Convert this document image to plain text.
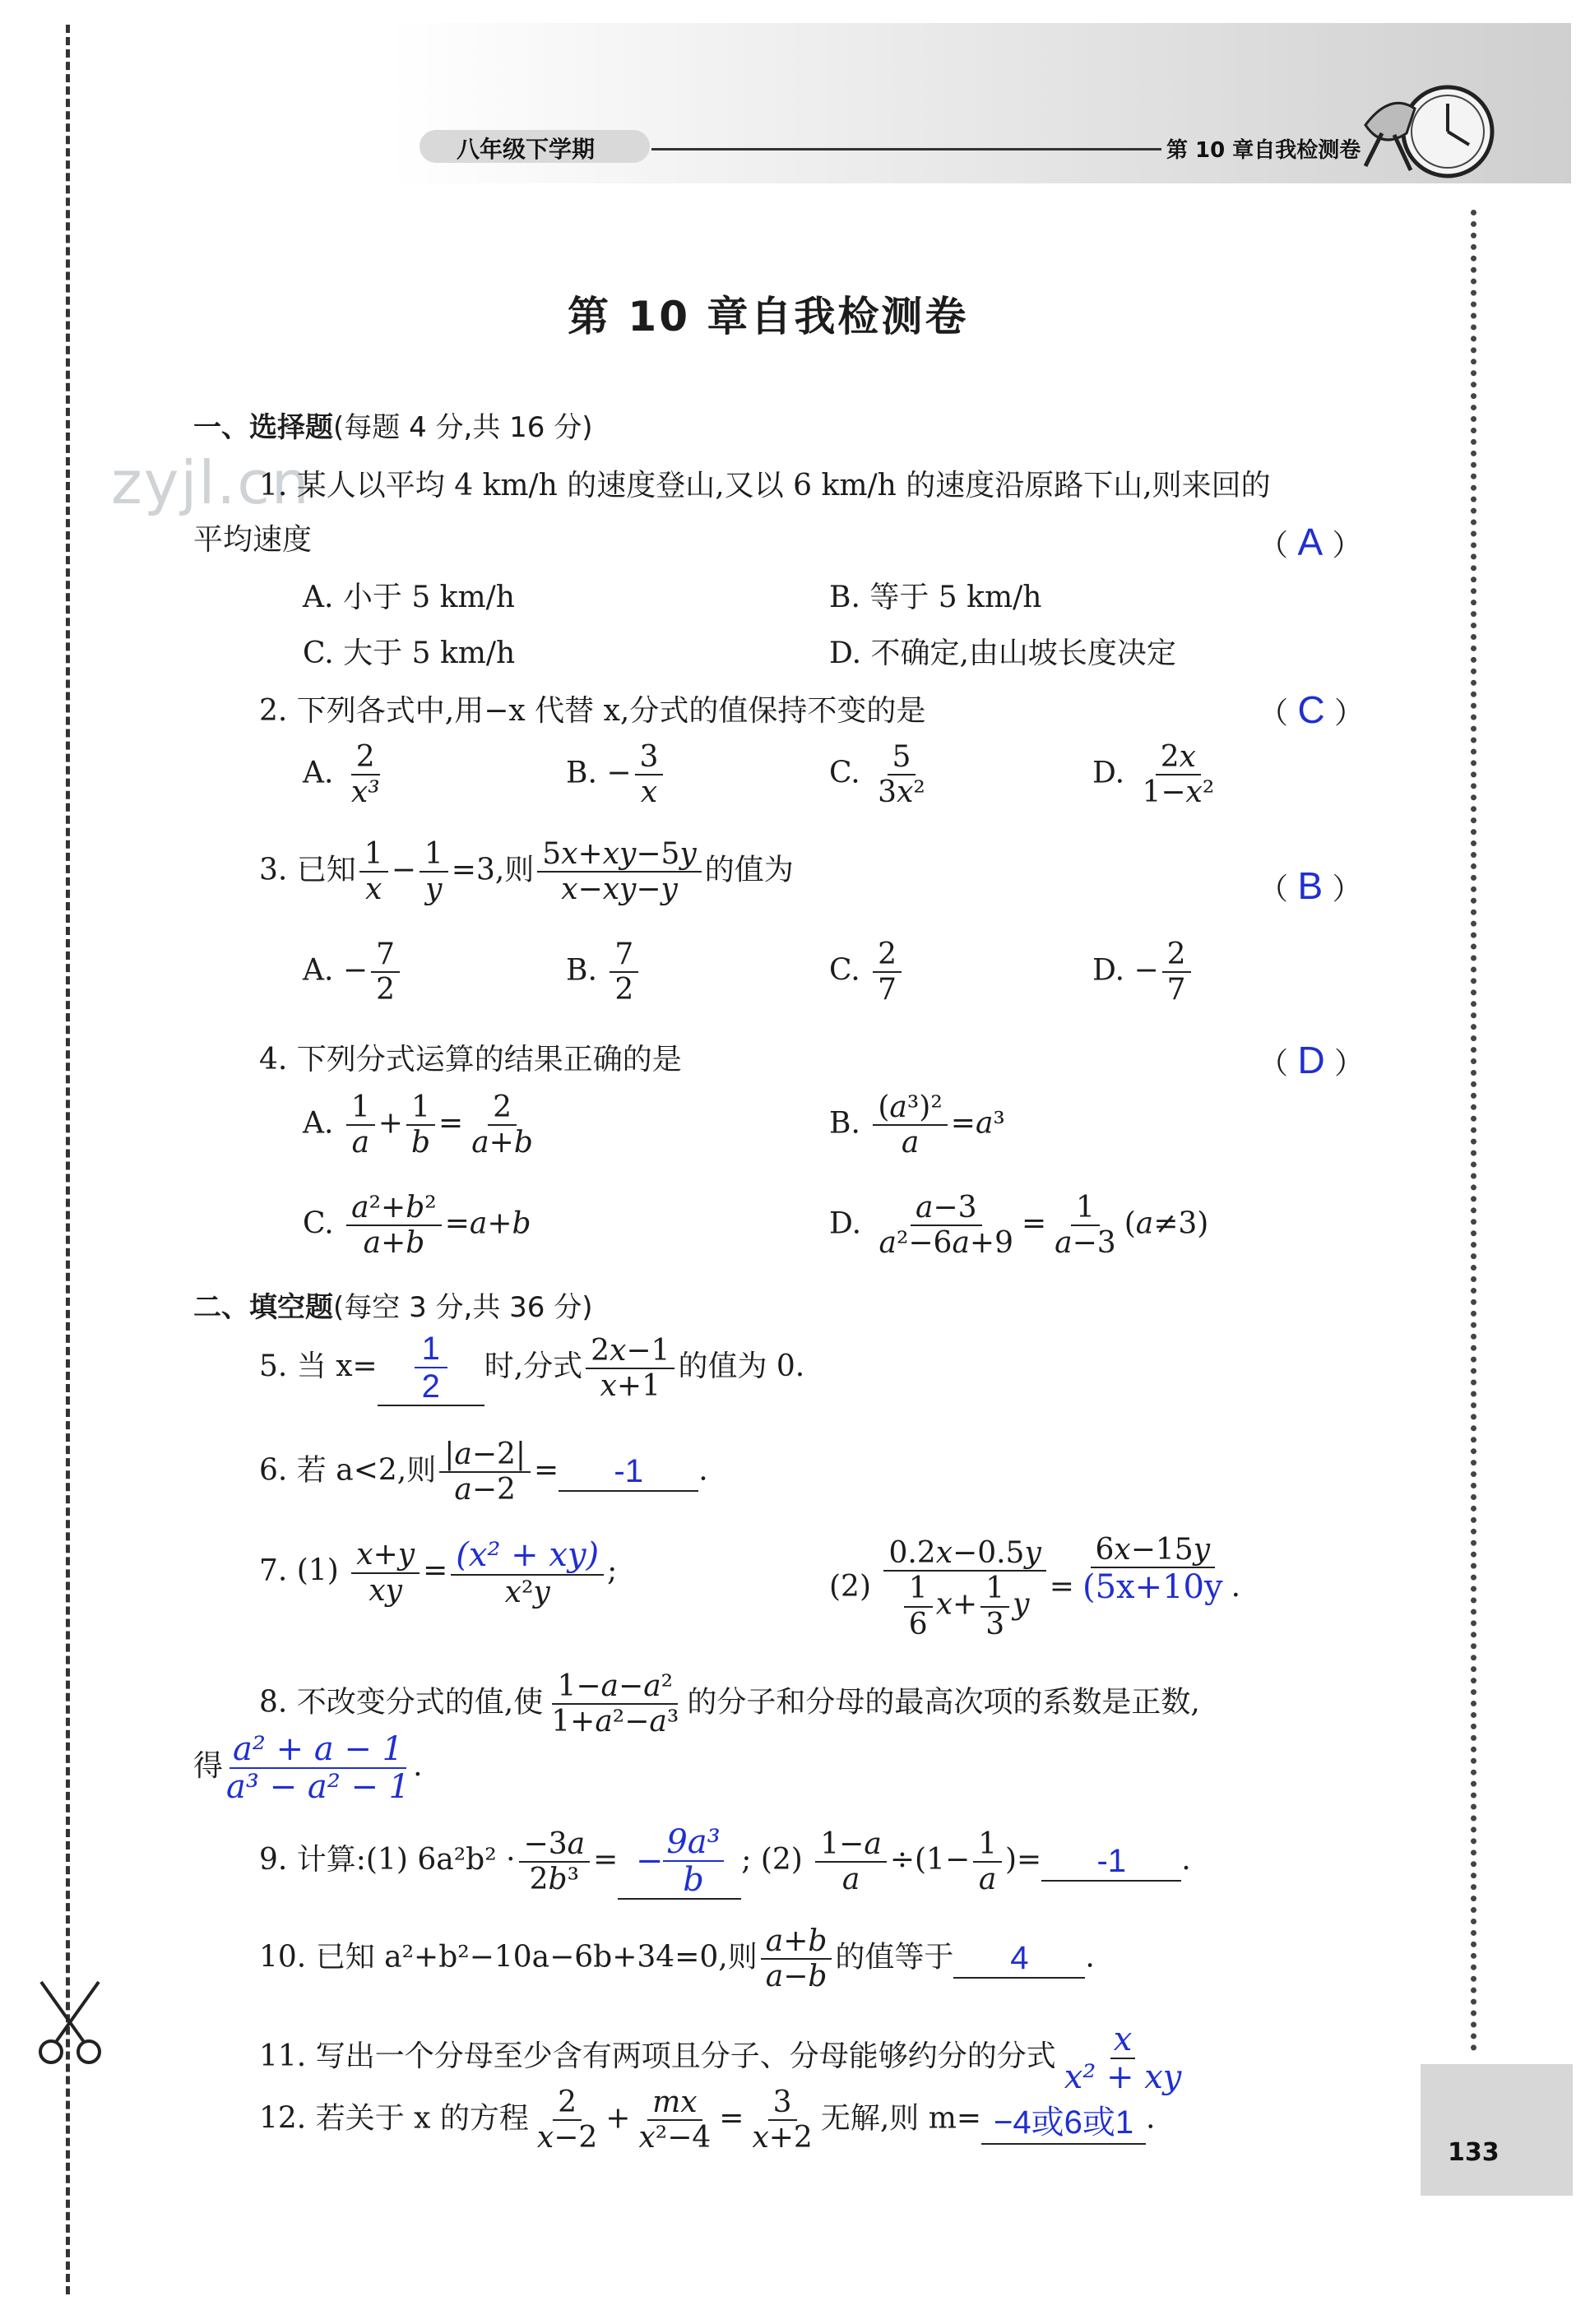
八年级下学期	第 10 章自我检测卷
133
zyjl.cn
第 10 章自我检测卷
一、选择题(每题 4 分,共 16 分)
1. 某人以平均 4 km/h 的速度登山,又以 6 km/h 的速度沿原路下山,则来回的
平均速度	（ A ）
A. 小于 5 km/h	B. 等于 5 km/h
C. 大于 5 km/h	D. 不确定,由山坡长度决定
2. 下列各式中,用−x 代替 x,分式的值保持不变的是	（ C ）
A. $\frac{2}{\text{x³}}$	B. − $\frac{3}{x}$	C. $\frac{5}{\text{3x²}}$	D. $\frac{2x}{\text{1−x²}}$
3. 已知 $\frac{1}{x} - \frac{1}{y} =3$,则 $\frac{5x+xy-5y}{x-xy-y}$ 的值为
（ B ）
A. − $\frac{7}{2}$	B. $\frac{7}{2}$	C. $\frac{2}{7}$	D. − $\frac{2}{7}$
4. 下列分式运算的结果正确的是	（ D ）
A. $\frac{1}{a} + \frac{1}{b} = \frac{2}{a+b}$	B. $\frac{\text{(a³)²}}{a} =a^3$
C. $\frac{\text{a²+b²}}{a+b} =a+b$	D. $\frac{a-3}{\text{a²−6a+9}} = \frac{1}{a-3} (a\ne 3)$
二、填空题(每空 3 分,共 36 分)
5. 当 $x= \frac{1}{2}$ 时,分式 $\frac{2x-1}{x+1}$ 的值为 0.
6. 若 a<2,则 $\frac{|a-2|}{a-2} = -1$ .
7. $(1) \frac{x+y}{xy} = \frac{\text{(x² + xy)}}{\text{x²y}}$ ;	$(2) \frac{0.2x-0.5y}{\frac{1}{6} x+ \frac{1}{3} y} = \frac{6x-15y}{(5x+10y}$ .
8. 不改变分式的值,使 $\frac{\text{1−a−a²}}{\text{1+a²−a³}}$ 的分子和分母的最高次项的系数是正数,
得 $\frac{\text{a² + a − 1}}{\text{a³ − a² − 1}}$ .
9. 计算:(1) $6a^2b^2 \cdot \frac{-3a}{\text{2b³}}$ = − $\frac{\text{9a³}}{b}$ ; $(2) \frac{1-a}{a} \div(1- \frac{1}{a}$ )= -1 .
10. 已知 a²+b²−10a−6b+34=0,则 $\frac{a+b}{a-b}$ 的值等于 4 .
11. 写出一个分母至少含有两项且分子、分母能够约分的分式 $\frac{x}{\text{x² + xy}}$
12. 若关于 x 的方程 $\frac{2}{x-2} + \frac{mx}{\text{x²−4}} = \frac{3}{x+2}$ 无解,则 m= −4或6或1 .
